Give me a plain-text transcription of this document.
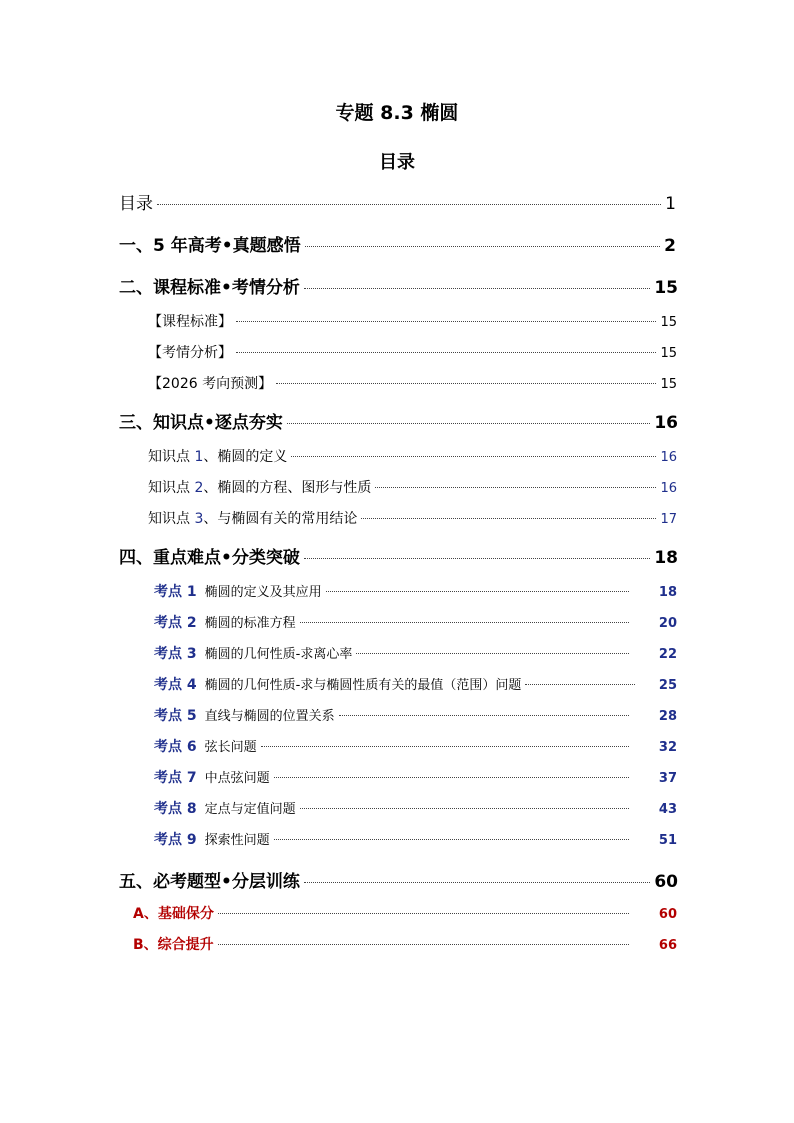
专题 8.3 椭圆
目录
目录	1
一、5 年高考•真题感悟	2
二、课程标准•考情分析	15
【课程标准】	15
【考情分析】	15
【2026 考向预测】	15
三、知识点•逐点夯实	16
知识点 1、椭圆的定义	16
知识点 2、椭圆的方程、图形与性质	16
知识点 3、与椭圆有关的常用结论	17
四、重点难点•分类突破	18
考点 1 椭圆的定义及其应用	18
考点 2 椭圆的标准方程	20
考点 3 椭圆的几何性质-求离心率	22
考点 4 椭圆的几何性质-求与椭圆性质有关的最值（范围）问题	25
考点 5 直线与椭圆的位置关系	28
考点 6 弦长问题	32
考点 7 中点弦问题	37
考点 8 定点与定值问题	43
考点 9 探索性问题	51
五、必考题型•分层训练	60
A、基础保分	60
B、综合提升	66
